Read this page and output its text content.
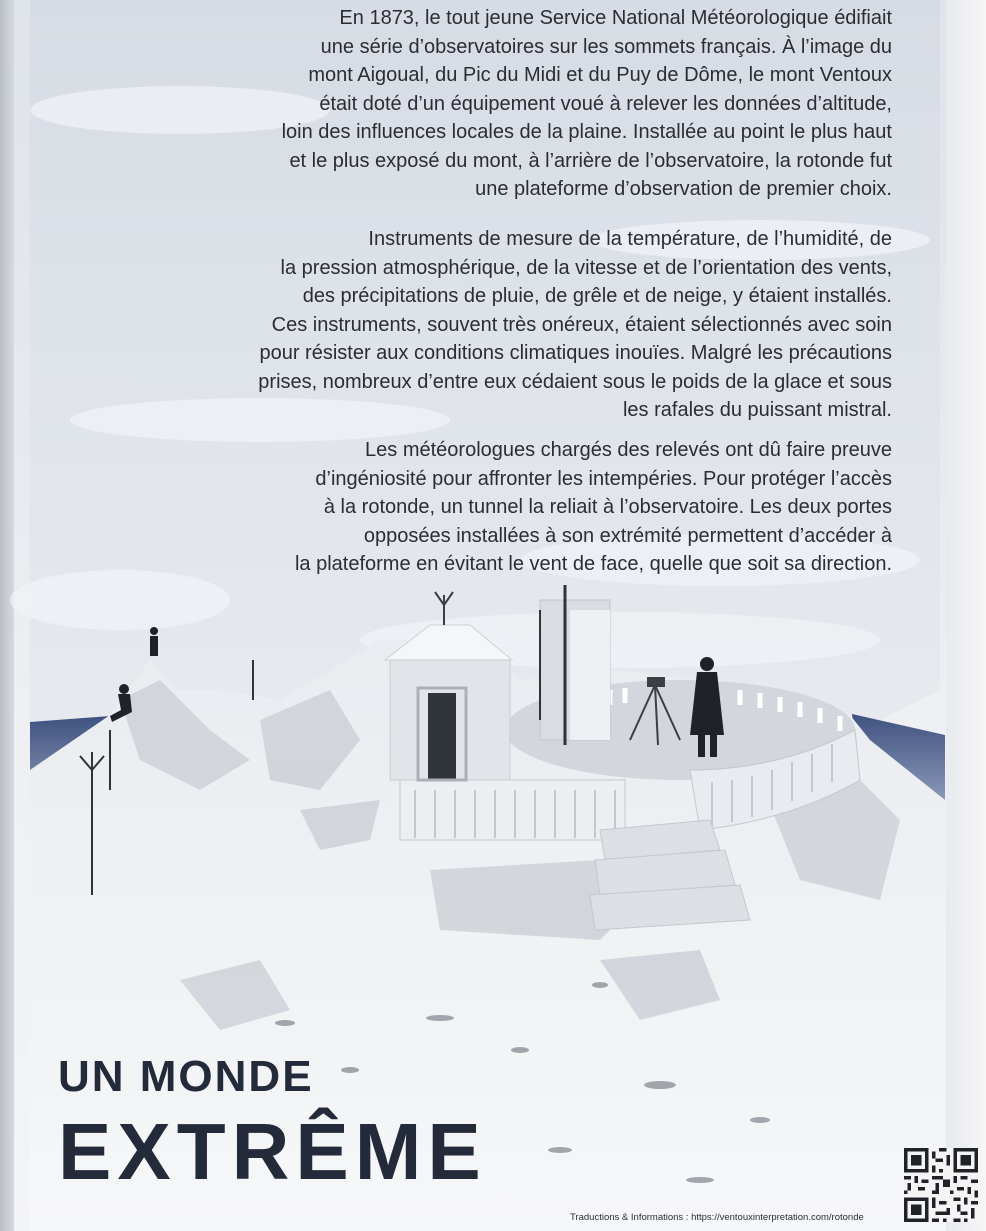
En 1873, le tout jeune Service National Météorologique édifiait
une série d’observatoires sur les sommets français. À l’image du
mont Aigoual, du Pic du Midi et du Puy de Dôme, le mont Ventoux
était doté d’un équipement voué à relever les données d’altitude,
loin des influences locales de la plaine. Installée au point le plus haut
et le plus exposé du mont, à l’arrière de l’observatoire, la rotonde fut
une plateforme d’observation de premier choix.
Instruments de mesure de la température, de l’humidité, de
la pression atmosphérique, de la vitesse et de l’orientation des vents,
des précipitations de pluie, de grêle et de neige, y étaient installés.
Ces instruments, souvent très onéreux, étaient sélectionnés avec soin
pour résister aux conditions climatiques inouïes. Malgré les précautions
prises, nombreux d’entre eux cédaient sous le poids de la glace et sous
les rafales du puissant mistral.
Les météorologues chargés des relevés ont dû faire preuve
d’ingéniosité pour affronter les intempéries. Pour protéger l’accès
à la rotonde, un tunnel la reliait à l’observatoire. Les deux portes
opposées installées à son extrémité permettent d’accéder à
la plateforme en évitant le vent de face, quelle que soit sa direction.
UN MONDE
EXTRÊME
Traductions & Informations : https://ventouxinterpretation.com/rotonde
